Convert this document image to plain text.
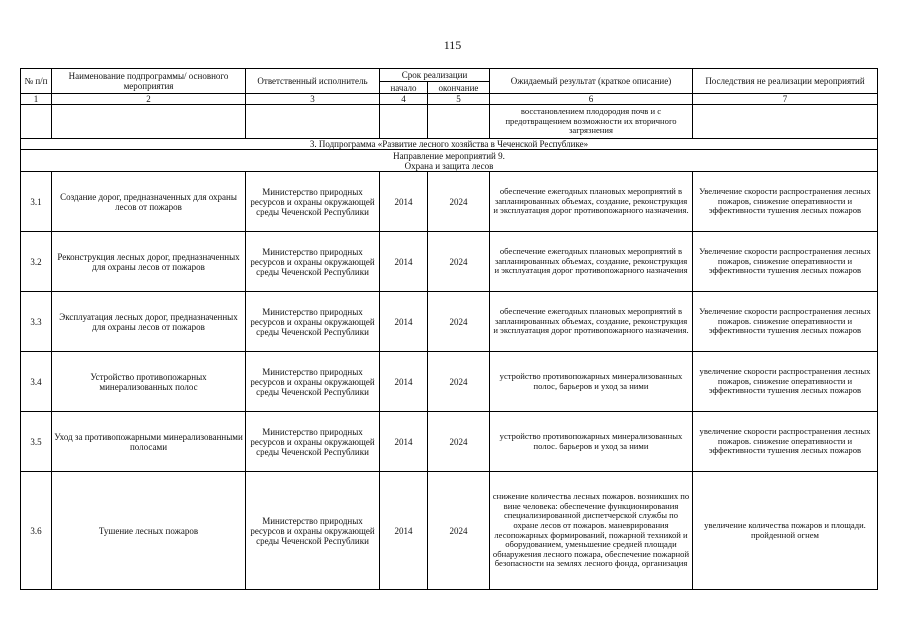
115
№ п/п	Наименование подпрограммы/ основного мероприятия	Ответственный исполнитель	Срок реализации		Ожидаемый результат (краткое описание)	Последствия не реализации мероприятий
			начало	окончание		
1	2	3	4	5	6	7
					восстановлением плодородия почв и с предотвращением возможности их вторичного загрязнения	
3. Подпрограмма «Развитие лесного хозяйства в Чеченской Республике»						

Направление мероприятий 9.
Охрана и защита лесов						

3.1	Создание дорог, предназначенных для охраны лесов от пожаров	Министерство природных ресурсов и охраны окружающей среды Чеченской Республики	2014	2024	обеспечение ежегодных плановых мероприятий в запланированных объемах, создание, реконструкция и эксплуатация дорог противопожарного назначения.	Увеличение скорости распространения лесных пожаров, снижение оперативности и эффективности тушения лесных пожаров
3.2	Реконструкция лесных дорог, предназначенных для охраны лесов от пожаров	Министерство природных ресурсов и охраны окружающей среды Чеченской Республики	2014	2024	обеспечение ежегодных плановых мероприятий в запланированных объемах, создание, реконструкция и эксплуатация дорог противопожарного назначения	Увеличение скорости распространения лесных пожаров, снижение оперативности и эффективности тушения лесных пожаров
3.3	Эксплуатация лесных дорог, предназначенных для охраны лесов от пожаров	Министерство природных ресурсов и охраны окружающей среды Чеченской Республики	2014	2024	обеспечение ежегодных плановых мероприятий в запланированных объемах, создание, реконструкция и эксплуатация дорог противопожарного назначения.	Увеличение скорости распространения лесных пожаров. снижение оперативности и эффективности тушения лесных пожаров
3.4	Устройство противопожарных минерализованных полос	Министерство природных ресурсов и охраны окружающей среды Чеченской Республики	2014	2024	устройство противопожарных минерализованных полос, барьеров и уход за ними	увеличение скорости распространения лесных пожаров, снижение оперативности и эффективности тушения лесных пожаров
3.5	Уход за противопожарными минерализованными полосами	Министерство природных ресурсов и охраны окружающей среды Чеченской Республики	2014	2024	устройство противопожарных минерализованных полос. барьеров и уход за ними	увеличение скорости распространения лесных пожаров. снижение оперативности и эффективности тушения лесных пожаров
3.6	Тушение лесных пожаров	Министерство природных ресурсов и охраны окружающей среды Чеченской Республики	2014	2024	снижение количества лесных пожаров. возникших по вине человека: обеспечение функционирования специализированной диспетчерской службы по охране лесов от пожаров. маневрирования лесопожарных формирований, пожарной техникой и оборудованием, уменьшение средней площади обнаружения лесного пожара, обеспечение пожарной безопасности на землях лесного фонда, организация	увеличение количества пожаров и площади. пройденной огнем
